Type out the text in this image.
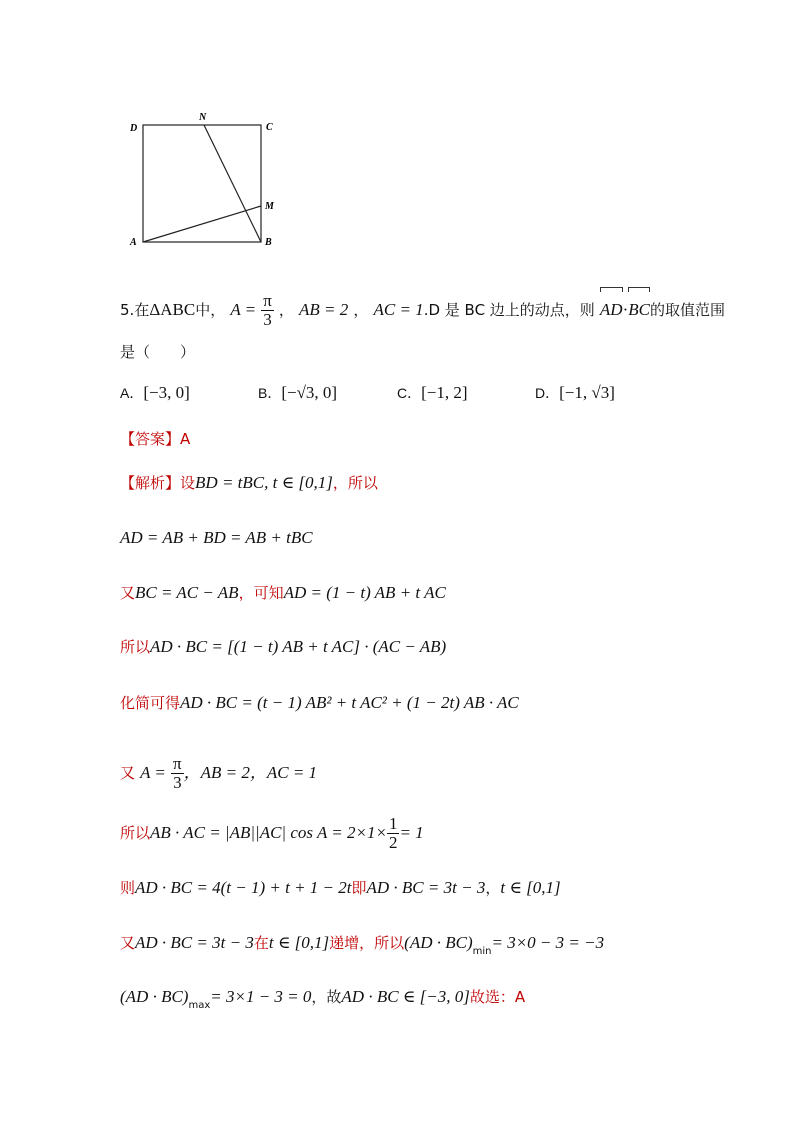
D
N
C
M
A	B
5.在ΔABC中， $A = \frac{\pi}{3}$ ， AB = 2 ， AC = 1.D 是 BC 边上的动点，则 AD·
BC的取值范围
是（　　）
A．[−3, 0]	B．[−√3, 0]	C．[−1, 2]	D．[−1, √3]
【答案】A
【解析】设BD = tBC, t ∈ [0,1]，所以
AD = AB + BD = AB + tBC
又BC = AC − AB，可知AD = (1 − t) AB + t AC
所以AD · BC = [(1 − t) AB + t AC] · (AC − AB)
化简可得AD · BC = (t − 1) AB² + t AC² + (1 − 2t) AB · AC
又 $A = \frac{\pi}{3}$ ，AB = 2，AC = 1
所以AB · AC = |AB||AC| $\cos A = 2\times 1\times \frac{1}{2} = 1$
则AD · BC = 4(t − 1) + t + 1 − 2t即AD · BC = 3t − 3，t ∈ [0,1]
又AD · BC = 3t − 3在t ∈ [0,1]递增，所以$(AD \cdot BC)_{min}= 3\times 0 - 3 = -3$
$(AD \cdot BC)_{max}= 3\times 1 - 3 = 0$，故AD · BC ∈ [−3, 0]故选：A
